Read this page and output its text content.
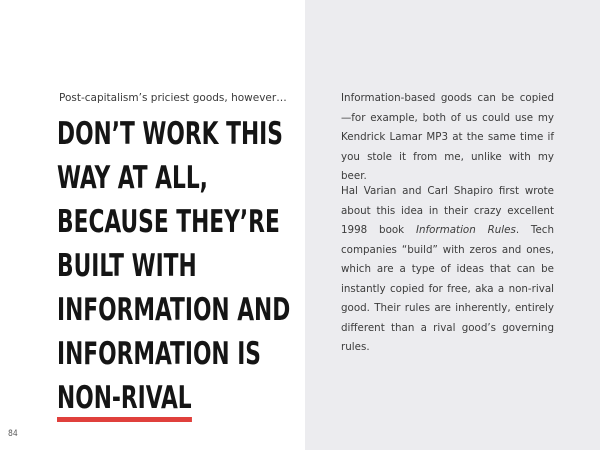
Post-capitalism’s priciest goods, however…
DON’T WORK THIS
WAY AT ALL,
BECAUSE THEY’RE
BUILT WITH
INFORMATION AND
INFORMATION IS
NON-RIVAL
84

Information-based goods can be copied—for example, both of us could use my Kendrick Lamar MP3 at the same time if you stole it from me, unlike with my beer.

Hal Varian and Carl Shapiro first wrote about this idea in their crazy excellent 1998 book Information Rules. Tech companies “build” with zeros and ones, which are a type of ideas that can be instantly copied for free, aka a non-rival good. Their rules are inherently, entirely different than a rival good’s governing rules.
